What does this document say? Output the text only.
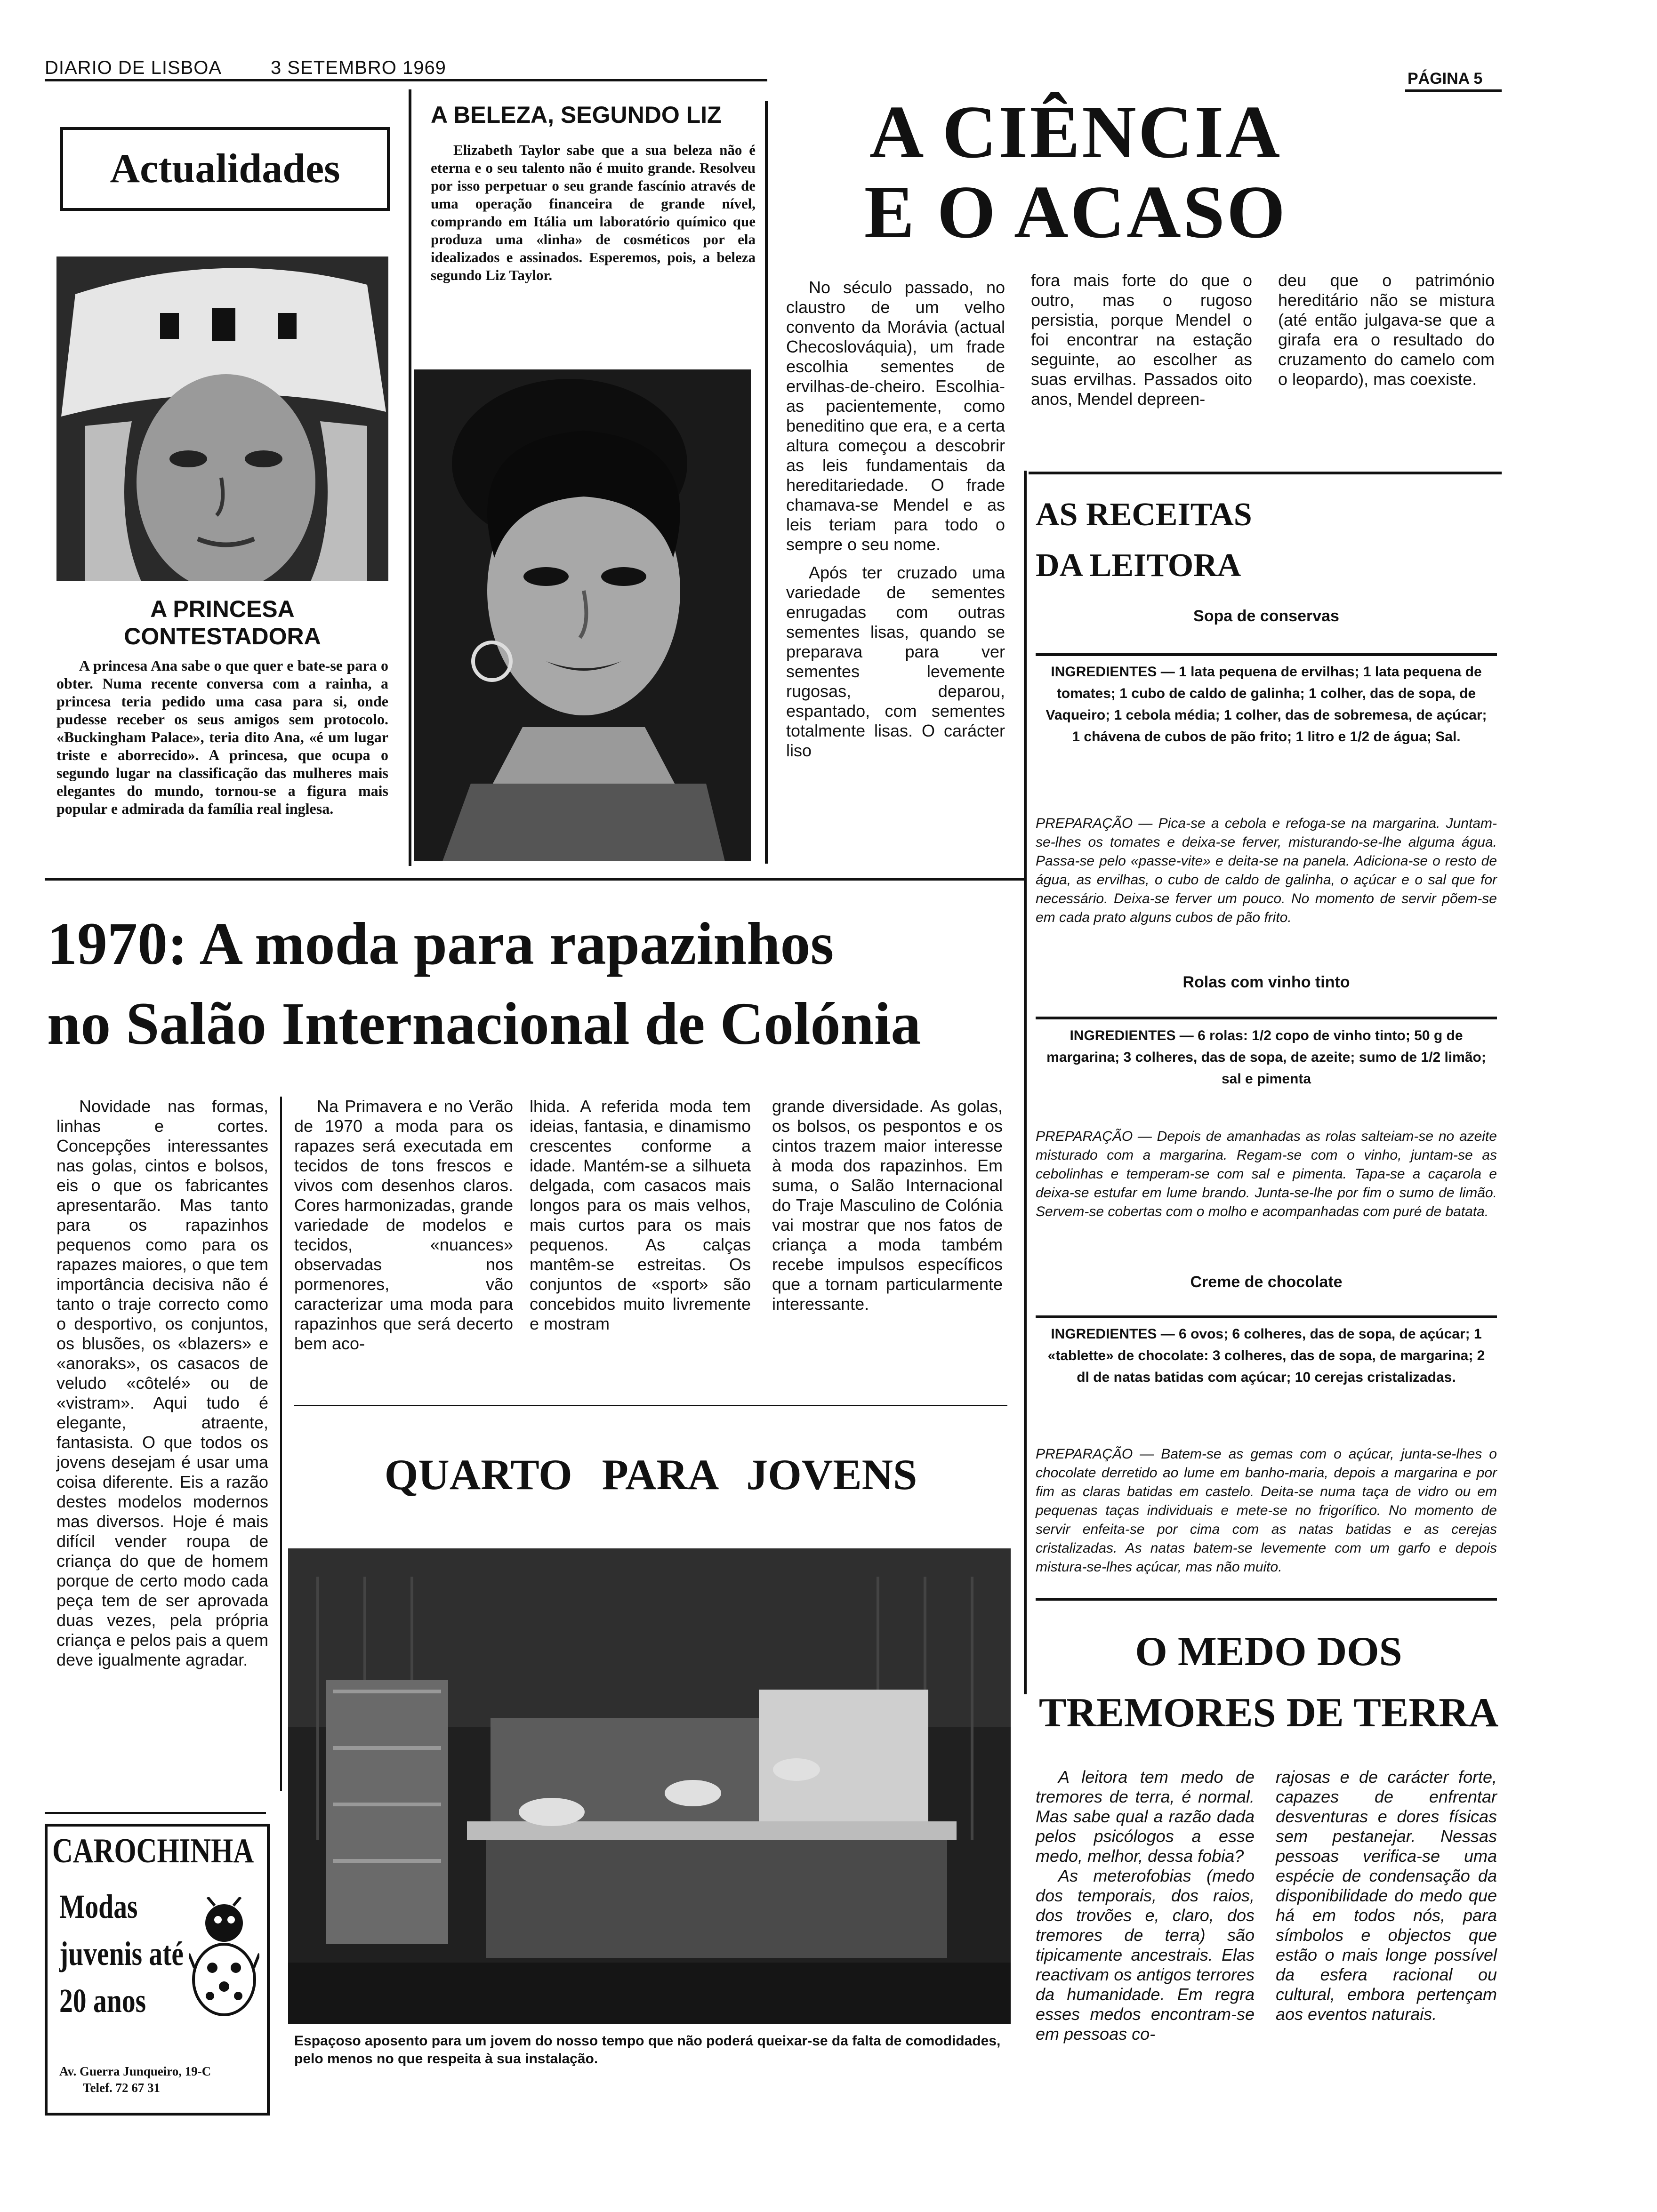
DIARIO DE LISBOA	3 SETEMBRO 1969
PÁGINA 5
Actualidades
A PRINCESA
CONTESTADORA

A princesa Ana sabe o que quer e bate-se para o obter. Numa recente conversa com a rainha, a princesa teria pedido uma casa para si, onde pudesse receber os seus amigos sem protocolo. «Buckingham Palace», teria dito Ana, «é um lugar triste e aborrecido». A princesa, que ocupa o segundo lugar na classificação das mulheres mais elegantes do mundo, tornou-se a figura mais popular e admirada da família real inglesa.

A BELEZA, SEGUNDO LIZ

Elizabeth Taylor sabe que a sua beleza não é eterna e o seu talento não é muito grande. Resolveu por isso perpetuar o seu grande fascínio através de uma operação financeira de grande nível, comprando em Itália um laboratório químico que produza uma «linha» de cosméticos por ela idealizados e assinados. Esperemos, pois, a beleza segundo Liz Taylor.

A CIÊNCIA
E O ACASO

No século passado, no claustro de um velho convento da Morávia (actual Checoslováquia), um frade escolhia sementes de ervilhas-de-cheiro. Escolhia-as pacientemente, como beneditino que era, e a certa altura começou a descobrir as leis fundamentais da hereditariedade. O frade chamava-se Mendel e as leis teriam para todo o sempre o seu nome.

Após ter cruzado uma variedade de sementes enrugadas com outras sementes lisas, quando se preparava para ver sementes levemente rugosas, deparou, espantado, com sementes totalmente lisas. O carácter liso

fora mais forte do que o outro, mas o rugoso persistia, porque Mendel o foi encontrar na estação seguinte, ao escolher as suas ervilhas. Passados oito anos, Mendel depreen-

deu que o património hereditário não se mistura (até então julgava-se que a girafa era o resultado do cruzamento do camelo com o leopardo), mas coexiste.

AS RECEITAS
DA LEITORA
Sopa de conservas
INGREDIENTES — 1 lata pequena de ervilhas; 1 lata pequena de tomates; 1 cubo de caldo de galinha; 1 colher, das de sopa, de Vaqueiro; 1 cebola média; 1 colher, das de sobremesa, de açúcar; 1 chávena de cubos de pão frito; 1 litro e 1/2 de água; Sal.
PREPARAÇÃO — Pica-se a cebola e refoga-se na margarina. Juntam-se-lhes os tomates e deixa-se ferver, misturando-se-lhe alguma água. Passa-se pelo «passe-vite» e deita-se na panela. Adiciona-se o resto de água, as ervilhas, o cubo de caldo de galinha, o açúcar e o sal que for necessário. Deixa-se ferver um pouco. No momento de servir põem-se em cada prato alguns cubos de pão frito.
Rolas com vinho tinto
INGREDIENTES — 6 rolas: 1/2 copo de vinho tinto; 50 g de margarina; 3 colheres, das de sopa, de azeite; sumo de 1/2 limão; sal e pimenta
PREPARAÇÃO — Depois de amanhadas as rolas salteiam-se no azeite misturado com a margarina. Regam-se com o vinho, juntam-se as cebolinhas e temperam-se com sal e pimenta. Tapa-se a caçarola e deixa-se estufar em lume brando. Junta-se-lhe por fim o sumo de limão. Servem-se cobertas com o molho e acompanhadas com puré de batata.
Creme de chocolate
INGREDIENTES — 6 ovos; 6 colheres, das de sopa, de açúcar; 1 «tablette» de chocolate: 3 colheres, das de sopa, de margarina; 2 dl de natas batidas com açúcar; 10 cerejas cristalizadas.
PREPARAÇÃO — Batem-se as gemas com o açúcar, junta-se-lhes o chocolate derretido ao lume em banho-maria, depois a margarina e por fim as claras batidas em castelo. Deita-se numa taça de vidro ou em pequenas taças individuais e mete-se no frigorífico. No momento de servir enfeita-se por cima com as natas batidas e as cerejas cristalizadas. As natas batem-se levemente com um garfo e depois mistura-se-lhes açúcar, mas não muito.
1970: A moda para rapazinhos
no Salão Internacional de Colónia

Novidade nas formas, linhas e cortes. Concepções interessantes nas golas, cintos e bolsos, eis o que os fabricantes apresentarão. Mas tanto para os rapazinhos pequenos como para os rapazes maiores, o que tem importância decisiva não é tanto o traje correcto como o desportivo, os conjuntos, os blusões, os «blazers» e «anoraks», os casacos de veludo «côtelé» ou de «vistram». Aqui tudo é elegante, atraente, fantasista. O que todos os jovens desejam é usar uma coisa diferente. Eis a razão destes modelos modernos mas diversos. Hoje é mais difícil vender roupa de criança do que de homem porque de certo modo cada peça tem de ser aprovada duas vezes, pela própria criança e pelos pais a quem deve igualmente agradar.

Na Primavera e no Verão de 1970 a moda para os rapazes será executada em tecidos de tons frescos e vivos com desenhos claros. Cores harmonizadas, grande variedade de modelos e tecidos, «nuances» observadas nos pormenores, vão caracterizar uma moda para rapazinhos que será decerto bem aco-

lhida. A referida moda tem ideias, fantasia, e dinamismo crescentes conforme a idade. Mantém-se a silhueta delgada, com casacos mais longos para os mais velhos, mais curtos para os mais pequenos. As calças mantêm-se estreitas. Os conjuntos de «sport» são concebidos muito livremente e mostram

grande diversidade. As golas, os bolsos, os pespontos e os cintos trazem maior interesse à moda dos rapazinhos. Em suma, o Salão Internacional do Traje Masculino de Colónia vai mostrar que nos fatos de criança a moda também recebe impulsos específicos que a tornam particularmente interessante.

QUARTO PARA JOVENS
Espaçoso aposento para um jovem do nosso tempo que não poderá queixar-se da falta de comodidades, pelo menos no que respeita à sua instalação.
CAROCHINHA
Modas
juvenis até
20 anos
Av. Guerra Junqueiro, 19-C
Telef. 72 67 31
O MEDO DOS
TREMORES DE TERRA

A leitora tem medo de tremores de terra, é normal. Mas sabe qual a razão dada pelos psicólogos a esse medo, melhor, dessa fobia?

As meterofobias (medo dos temporais, dos raios, dos trovões e, claro, dos tremores de terra) são tipicamente ancestrais. Elas reactivam os antigos terrores da humanidade. Em regra esses medos encontram-se em pessoas co-

rajosas e de carácter forte, capazes de enfrentar desventuras e dores físicas sem pestanejar. Nessas pessoas verifica-se uma espécie de condensação da disponibilidade do medo que há em todos nós, para símbolos e objectos que estão o mais longe possível da esfera racional ou cultural, embora pertençam aos eventos naturais.
